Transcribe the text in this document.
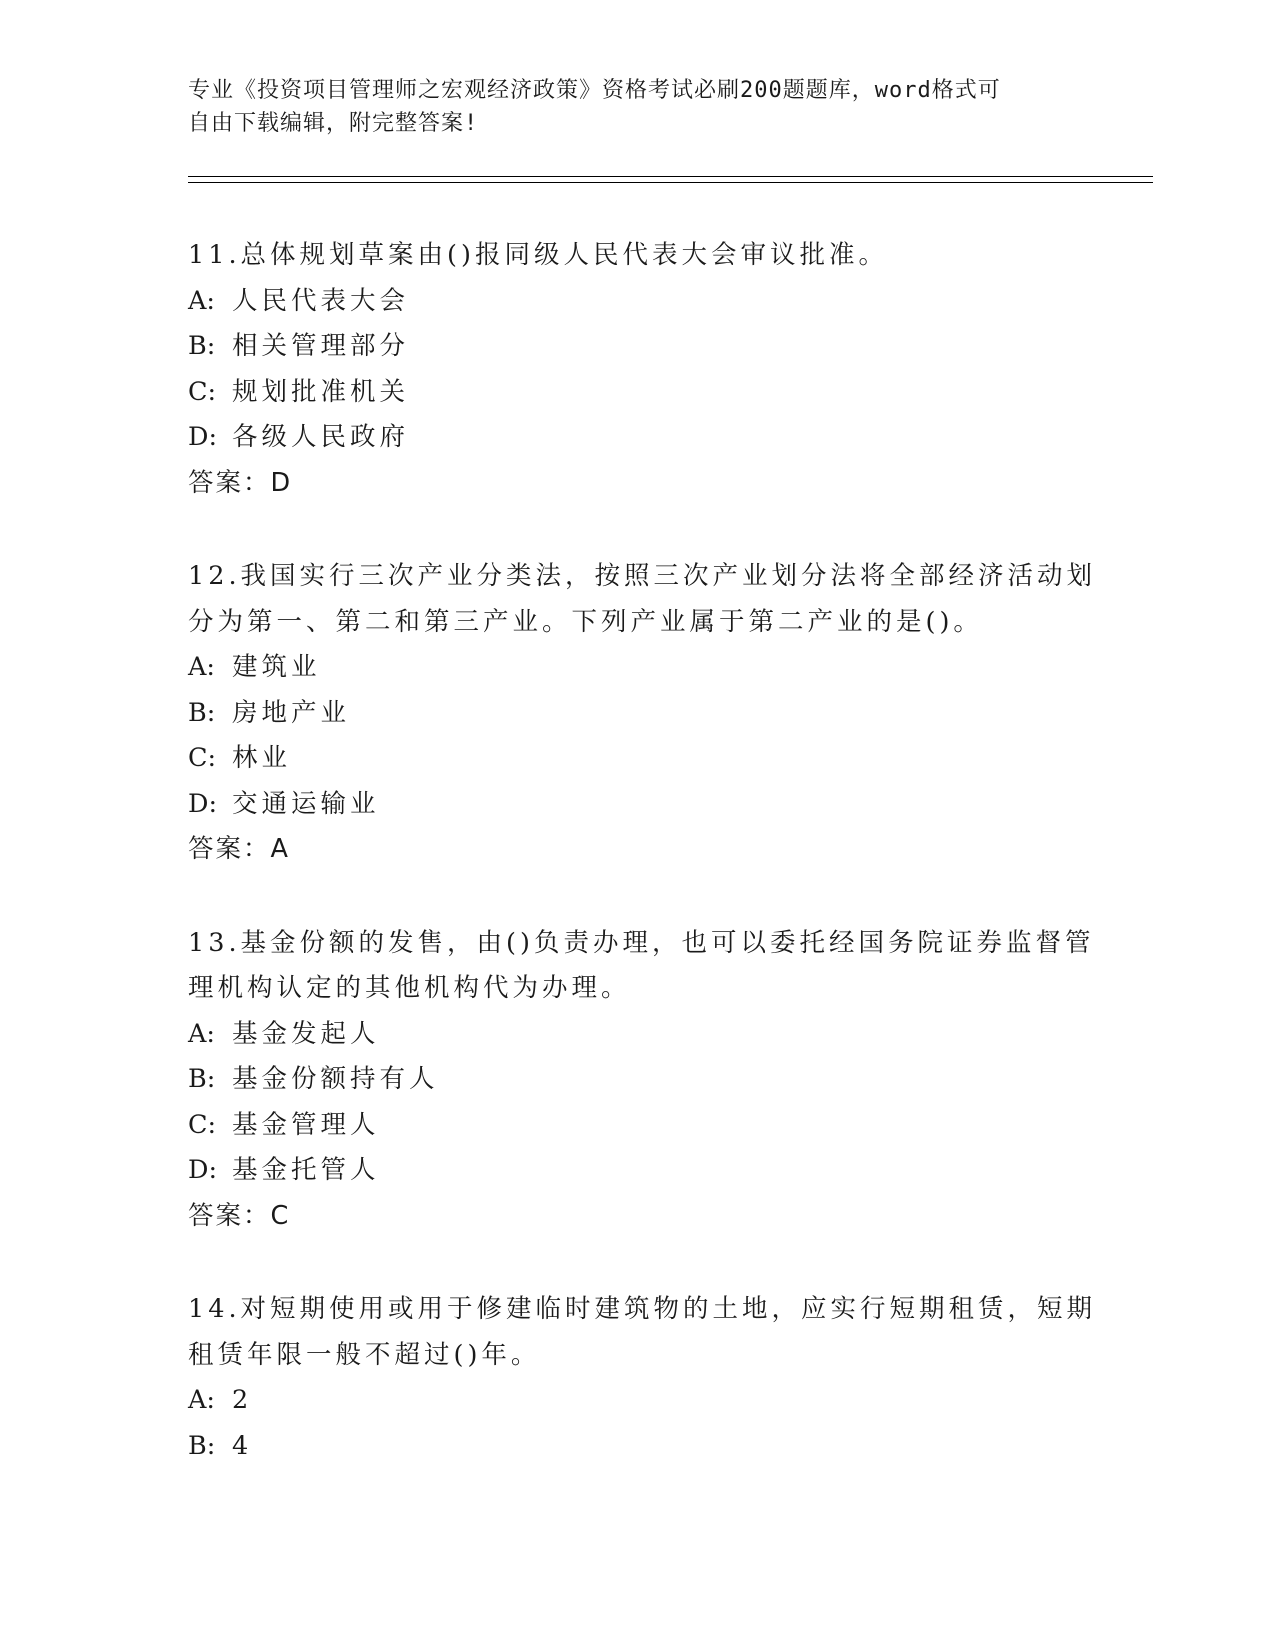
专业《投资项目管理师之宏观经济政策》资格考试必刷200题题库，word格式可
自由下载编辑，附完整答案!
11.总体规划草案由()报同级人民代表大会审议批准。
A: 人民代表大会
B: 相关管理部分
C: 规划批准机关
D: 各级人民政府
答案：D
12.我国实行三次产业分类法，按照三次产业划分法将全部经济活动划
分为第一、第二和第三产业。下列产业属于第二产业的是()。
A: 建筑业
B: 房地产业
C: 林业
D: 交通运输业
答案：A
13.基金份额的发售，由()负责办理，也可以委托经国务院证券监督管
理机构认定的其他机构代为办理。
A: 基金发起人
B: 基金份额持有人
C: 基金管理人
D: 基金托管人
答案：C
14.对短期使用或用于修建临时建筑物的土地，应实行短期租赁，短期
租赁年限一般不超过()年。
A: 2
B: 4
